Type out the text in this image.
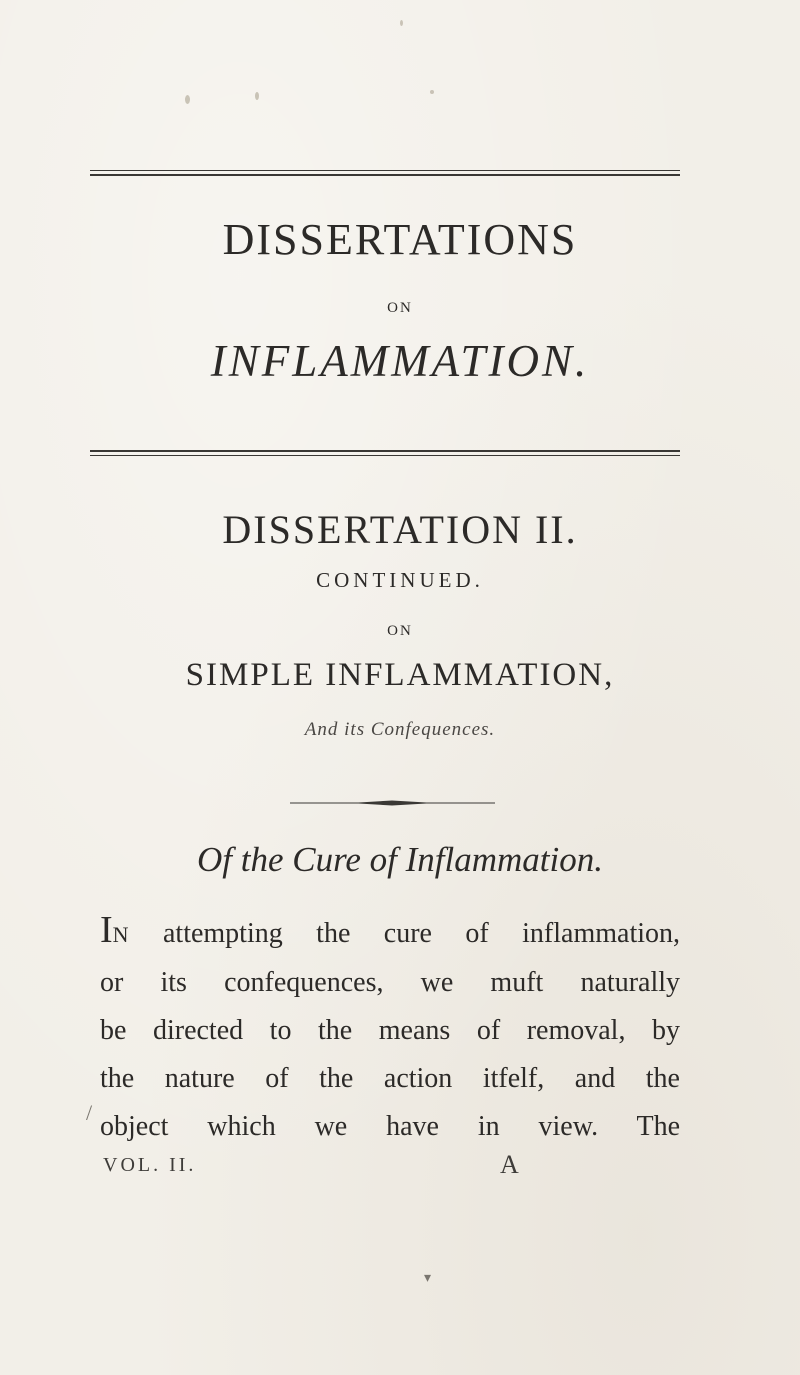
DISSERTATIONS
ON
INFLAMMATION.
DISSERTATION II.
CONTINUED.
ON
SIMPLE INFLAMMATION,
And its Confequences.
Of the Cure of Inflammation.
IN attempting the cure of inflammation,
or its confequences, we muft naturally
be directed to the means of removal, by
the nature of the action itfelf, and the
object which we have in view. The
/
VOL. II.	A
▾
